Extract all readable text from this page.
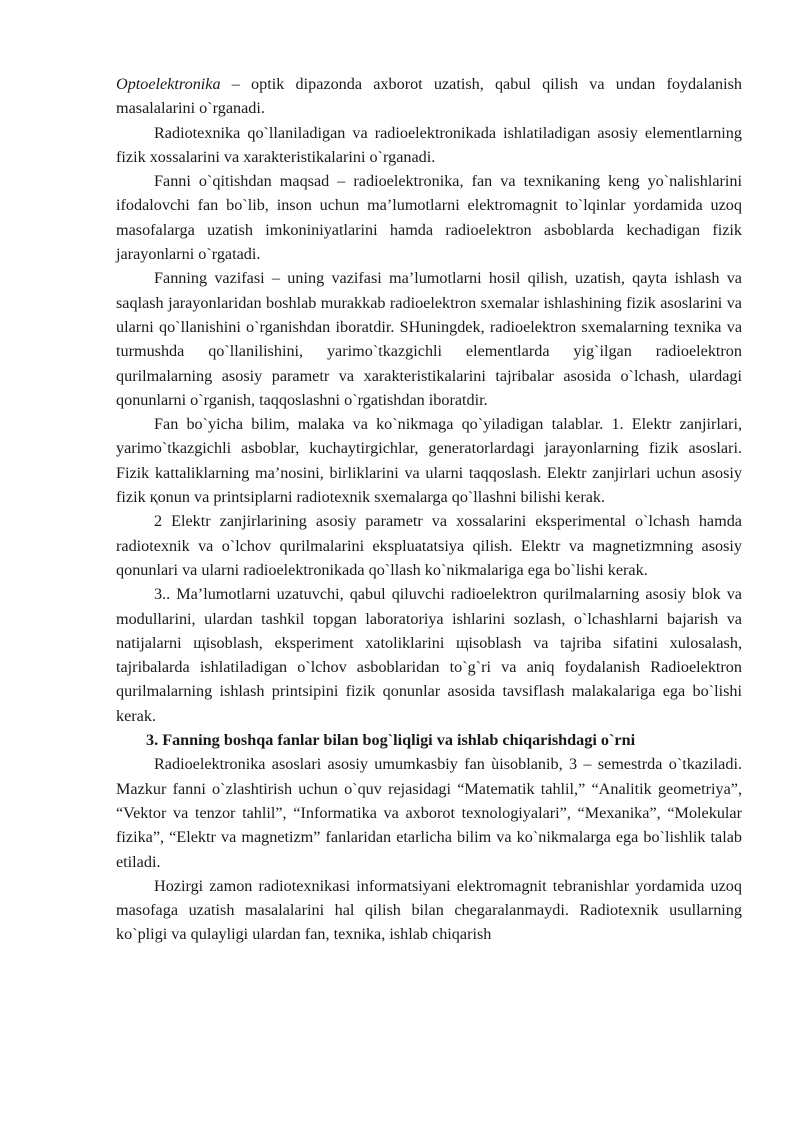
Optoelektronika – optik dipazonda axborot uzatish, qabul qilish va undan foydalanish masalalarini o`rganadi.

Radiotexnika qo`llaniladigan va radioelektronikada ishlatiladigan asosiy elementlarning fizik xossalarini va xarakteristikalarini o`rganadi.

Fanni o`qitishdan maqsad – radioelektronika, fan va texnikaning keng yo`nalishlarini ifodalovchi fan bo`lib, inson uchun ma’lumotlarni elektromagnit to`lqinlar yordamida uzoq masofalarga uzatish imkoniniyatlarini hamda radioelektron asboblarda kechadigan fizik jarayonlarni o`rgatadi.

Fanning vazifasi – uning vazifasi ma’lumotlarni hosil qilish, uzatish, qayta ishlash va saqlash jarayonlaridan boshlab murakkab radioelektron sxemalar ishlashining fizik asoslarini va ularni qo`llanishini o`rganishdan iboratdir. SHuningdek, radioelektron sxemalarning texnika va turmushda qo`llanilishini, yarimo`tkazgichli elementlarda yig`ilgan radioelektron qurilmalarning asosiy parametr va xarakteristikalarini tajribalar asosida o`lchash, ulardagi qonunlarni o`rganish, taqqoslashni o`rgatishdan iboratdir.

Fan bo`yicha bilim, malaka va ko`nikmaga qo`yiladigan talablar. 1. Elektr zanjirlari, yarimo`tkazgichli asboblar, kuchaytirgichlar, generatorlardagi jarayonlarning fizik asoslari. Fizik kattaliklarning ma’nosini, birliklarini va ularni taqqoslash. Elektr zanjirlari uchun asosiy fizik қonun va printsiplarni radiotexnik sxemalarga qo`llashni bilishi kerak.

2 Elektr zanjirlarining asosiy parametr va xossalarini eksperimental o`lchash hamda radiotexnik va o`lchov qurilmalarini ekspluatatsiya qilish. Elektr va magnetizmning asosiy qonunlari va ularni radioelektronikada qo`llash ko`nikmalariga ega bo`lishi kerak.

3.. Ma’lumotlarni uzatuvchi, qabul qiluvchi radioelektron qurilmalarning asosiy blok va modullarini, ulardan tashkil topgan laboratoriya ishlarini sozlash, o`lchashlarni bajarish va natijalarni щisoblash, eksperiment xatoliklarini щisoblash va tajriba sifatini xulosalash, tajribalarda ishlatiladigan o`lchov asboblaridan to`g`ri va aniq foydalanish Radioelektron qurilmalarning ishlash printsipini fizik qonunlar asosida tavsiflash malakalariga ega bo`lishi kerak.

3. Fanning boshqa fanlar bilan bog`liqligi va ishlab chiqarishdagi o`rni

Radioelektronika asoslari asosiy umumkasbiy fan ùisoblanib, 3 – semestrda o`tkaziladi. Mazkur fanni o`zlashtirish uchun o`quv rejasidagi “Matematik tahlil,” “Analitik geometriya”, “Vektor va tenzor tahlil”, “Informatika va axborot texnologiyalari”, “Mexanika”, “Molekular fizika”, “Elektr va magnetizm” fanlaridan etarlicha bilim va ko`nikmalarga ega bo`lishlik talab etiladi.

Hozirgi zamon radiotexnikasi informatsiyani elektromagnit tebranishlar yordamida uzoq masofaga uzatish masalalarini hal qilish bilan chegaralanmaydi. Radiotexnik usullarning ko`pligi va qulayligi ulardan fan, texnika, ishlab chiqarish
